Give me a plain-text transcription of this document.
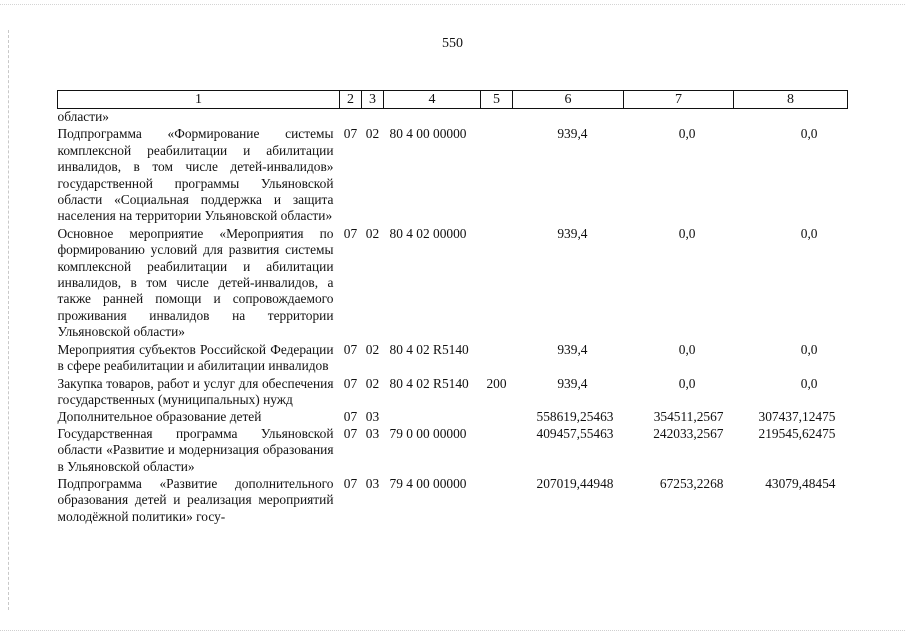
550
1	2	3	4	5	6	7	8
области»							
Подпрограмма «Формирование системы комплексной реабилитации и абилитации инвалидов, в том числе детей-инвалидов» государственной программы Ульяновской области «Социальная поддержка и защита населения на территории Ульяновской области»	07	02	80 4 00 00000		939,4	0,0	0,0
Основное мероприятие «Мероприятия по формированию условий для развития системы комплексной реабилитации и абилитации инвалидов, в том числе детей-инвалидов, а также ранней помощи и сопровождаемого проживания инвалидов на территории Ульяновской области»	07	02	80 4 02 00000		939,4	0,0	0,0
Мероприятия субъектов Российской Федерации в сфере реабилитации и абилитации инвалидов	07	02	80 4 02 R5140		939,4	0,0	0,0
Закупка товаров, работ и услуг для обеспечения государственных (муниципальных) нужд	07	02	80 4 02 R5140	200	939,4	0,0	0,0
Дополнительное образование детей	07	03			558619,25463	354511,2567	307437,12475
Государственная программа Ульяновской области «Развитие и модернизация образования в Ульяновской области»	07	03	79 0 00 00000		409457,55463	242033,2567	219545,62475
Подпрограмма «Развитие дополнительного образования детей и реализация мероприятий молодёжной политики» госу-	07	03	79 4 00 00000		207019,44948	67253,2268	43079,48454
